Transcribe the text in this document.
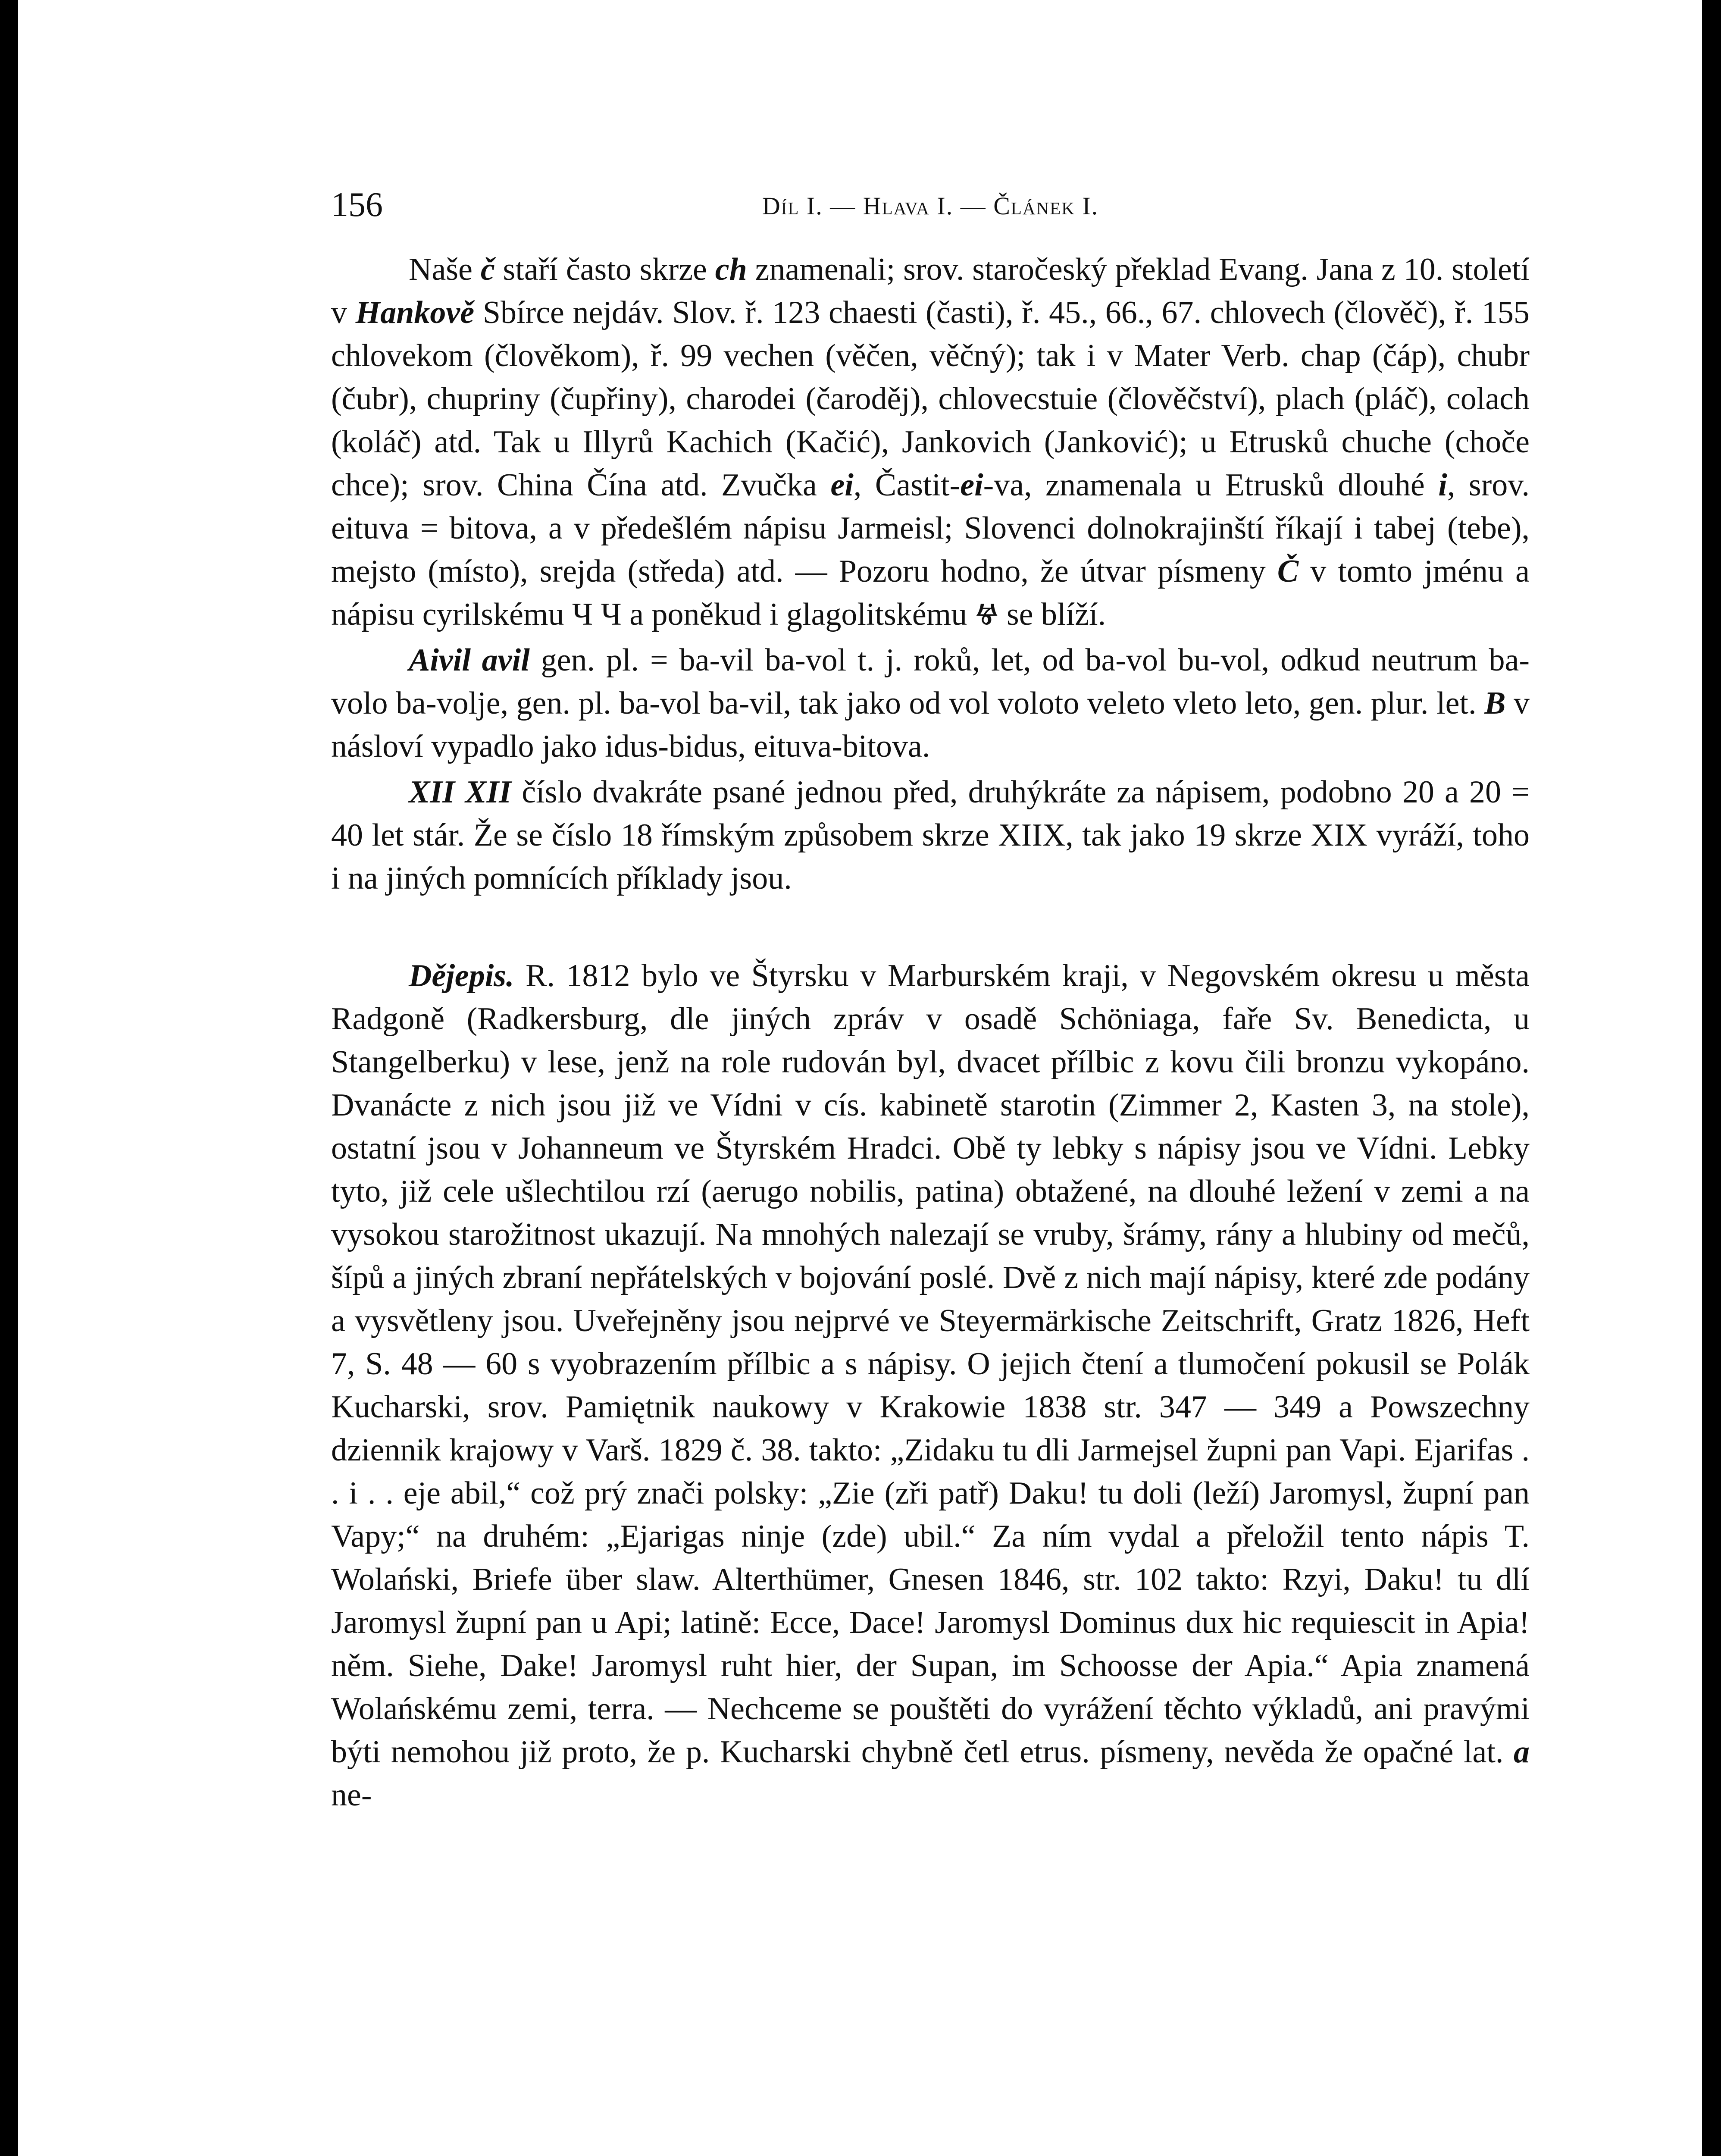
156	Díl I. — Hlava I. — Článek I.

Naše č staří často skrze ch znamenali; srov. staročeský překlad Evang. Jana z 10. století v Hankově Sbírce nejdáv. Slov. ř. 123 chaesti (časti), ř. 45., 66., 67. chlovech (člověč), ř. 155 chlovekom (člověkom), ř. 99 vechen (věčen, věčný); tak i v Mater Verb. chap (čáp), chubr (čubr), chupriny (čupřiny), charodei (čaroděj), chlovecstuie (člověčství), plach (pláč), colach (koláč) atd. Tak u Illyrů Kachich (Kačić), Jankovich (Janković); u Etrusků chuche (choče chce); srov. China Čína atd. Zvučka ei, Častit-ei-va, znamenala u Etrusků dlouhé i, srov. eituva = bitova, a v předešlém nápisu Jarmeisl; Slovenci dolnokrajinští říkají i tabej (tebe), mejsto (místo), srejda (středa) atd. — Pozoru hodno, že útvar písmeny Č v tomto jménu a nápisu cyrilskému Ч Ч a poněkud i glagolitskému Ⱍ se blíží.

Aivil avil gen. pl. = ba-vil ba-vol t. j. roků, let, od ba-vol bu-vol, odkud neutrum ba-volo ba-volje, gen. pl. ba-vol ba-vil, tak jako od vol voloto veleto vleto leto, gen. plur. let. B v násloví vypadlo jako idus-bidus, eituva-bitova.

XII XII číslo dvakráte psané jednou před, druhýkráte za nápisem, podobno 20 a 20 = 40 let stár. Že se číslo 18 římským způsobem skrze XIIX, tak jako 19 skrze XIX vyráží, toho i na jiných pomnících příklady jsou.

Dějepis. R. 1812 bylo ve Štyrsku v Marburském kraji, v Negovském okresu u města Radgoně (Radkersburg, dle jiných zpráv v osadě Schöniaga, faře Sv. Benedicta, u Stangelberku) v lese, jenž na role rudován byl, dvacet přílbic z kovu čili bronzu vykopáno. Dvanácte z nich jsou již ve Vídni v cís. kabinetě starotin (Zimmer 2, Kasten 3, na stole), ostatní jsou v Johanneum ve Štyrském Hradci. Obě ty lebky s nápisy jsou ve Vídni. Lebky tyto, již cele ušlechtilou rzí (aerugo nobilis, patina) obtažené, na dlouhé ležení v zemi a na vysokou starožitnost ukazují. Na mnohých nalezají se vruby, šrámy, rány a hlubiny od mečů, šípů a jiných zbraní nepřátelských v bojování poslé. Dvě z nich mají nápisy, které zde podány a vysvětleny jsou. Uveřejněny jsou nejprvé ve Steyermärkische Zeitschrift, Gratz 1826, Heft 7, S. 48 — 60 s vyobrazením přílbic a s nápisy. O jejich čtení a tlumočení pokusil se Polák Kucharski, srov. Pamiętnik naukowy v Krakowie 1838 str. 347 — 349 a Powszechny dziennik krajowy v Varš. 1829 č. 38. takto: „Zidaku tu dli Jarmejsel župni pan Vapi. Ejarifas . . i . . eje abil,“ což prý znači polsky: „Zie (zři patř) Daku! tu doli (leží) Jaromysl, župní pan Vapy;“ na druhém: „Ejarigas ninje (zde) ubil.“ Za ním vydal a přeložil tento nápis T. Wolański, Briefe über slaw. Alterthümer, Gnesen 1846, str. 102 takto: Rzyi, Daku! tu dlí Jaromysl župní pan u Api; latině: Ecce, Dace! Jaromysl Dominus dux hic requiescit in Apia! něm. Siehe, Dake! Jaromysl ruht hier, der Supan, im Schoosse der Apia.“ Apia znamená Wolańskému zemi, terra. — Nechceme se pouštěti do vyrážení těchto výkladů, ani pravými býti nemohou již proto, že p. Kucharski chybně četl etrus. písmeny, nevěda že opačné lat. a ne-
